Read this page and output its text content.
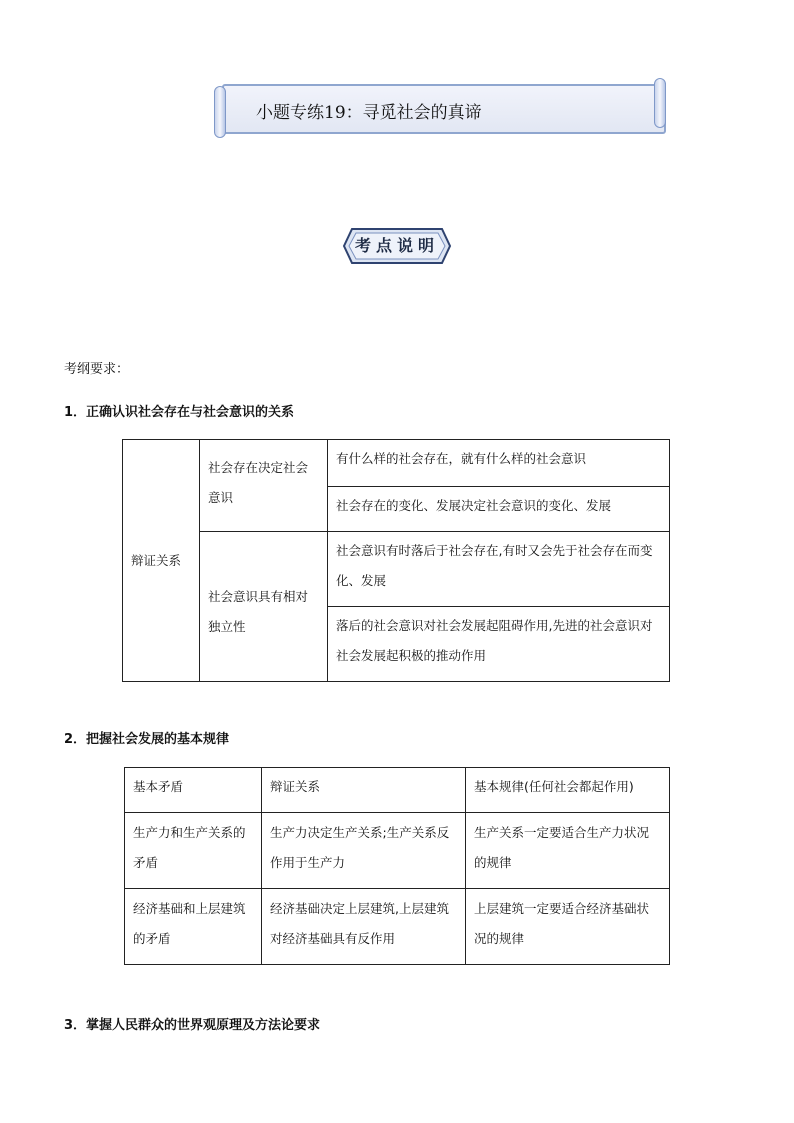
小题专练19：寻觅社会的真谛
考点说明
考纲要求：
1．正确认识社会存在与社会意识的关系
辩证关系	社会存在决定社会意识	有什么样的社会存在，就有什么样的社会意识
		社会存在的变化、发展决定社会意识的变化、发展
	社会意识具有相对独立性	社会意识有时落后于社会存在,有时又会先于社会存在而变化、发展
		落后的社会意识对社会发展起阻碍作用,先进的社会意识对社会发展起积极的推动作用
2．把握社会发展的基本规律
基本矛盾	辩证关系	基本规律(任何社会都起作用)
生产力和生产关系的矛盾	生产力决定生产关系;生产关系反作用于生产力	生产关系一定要适合生产力状况的规律
经济基础和上层建筑的矛盾	经济基础决定上层建筑,上层建筑对经济基础具有反作用	上层建筑一定要适合经济基础状况的规律
3．掌握人民群众的世界观原理及方法论要求
